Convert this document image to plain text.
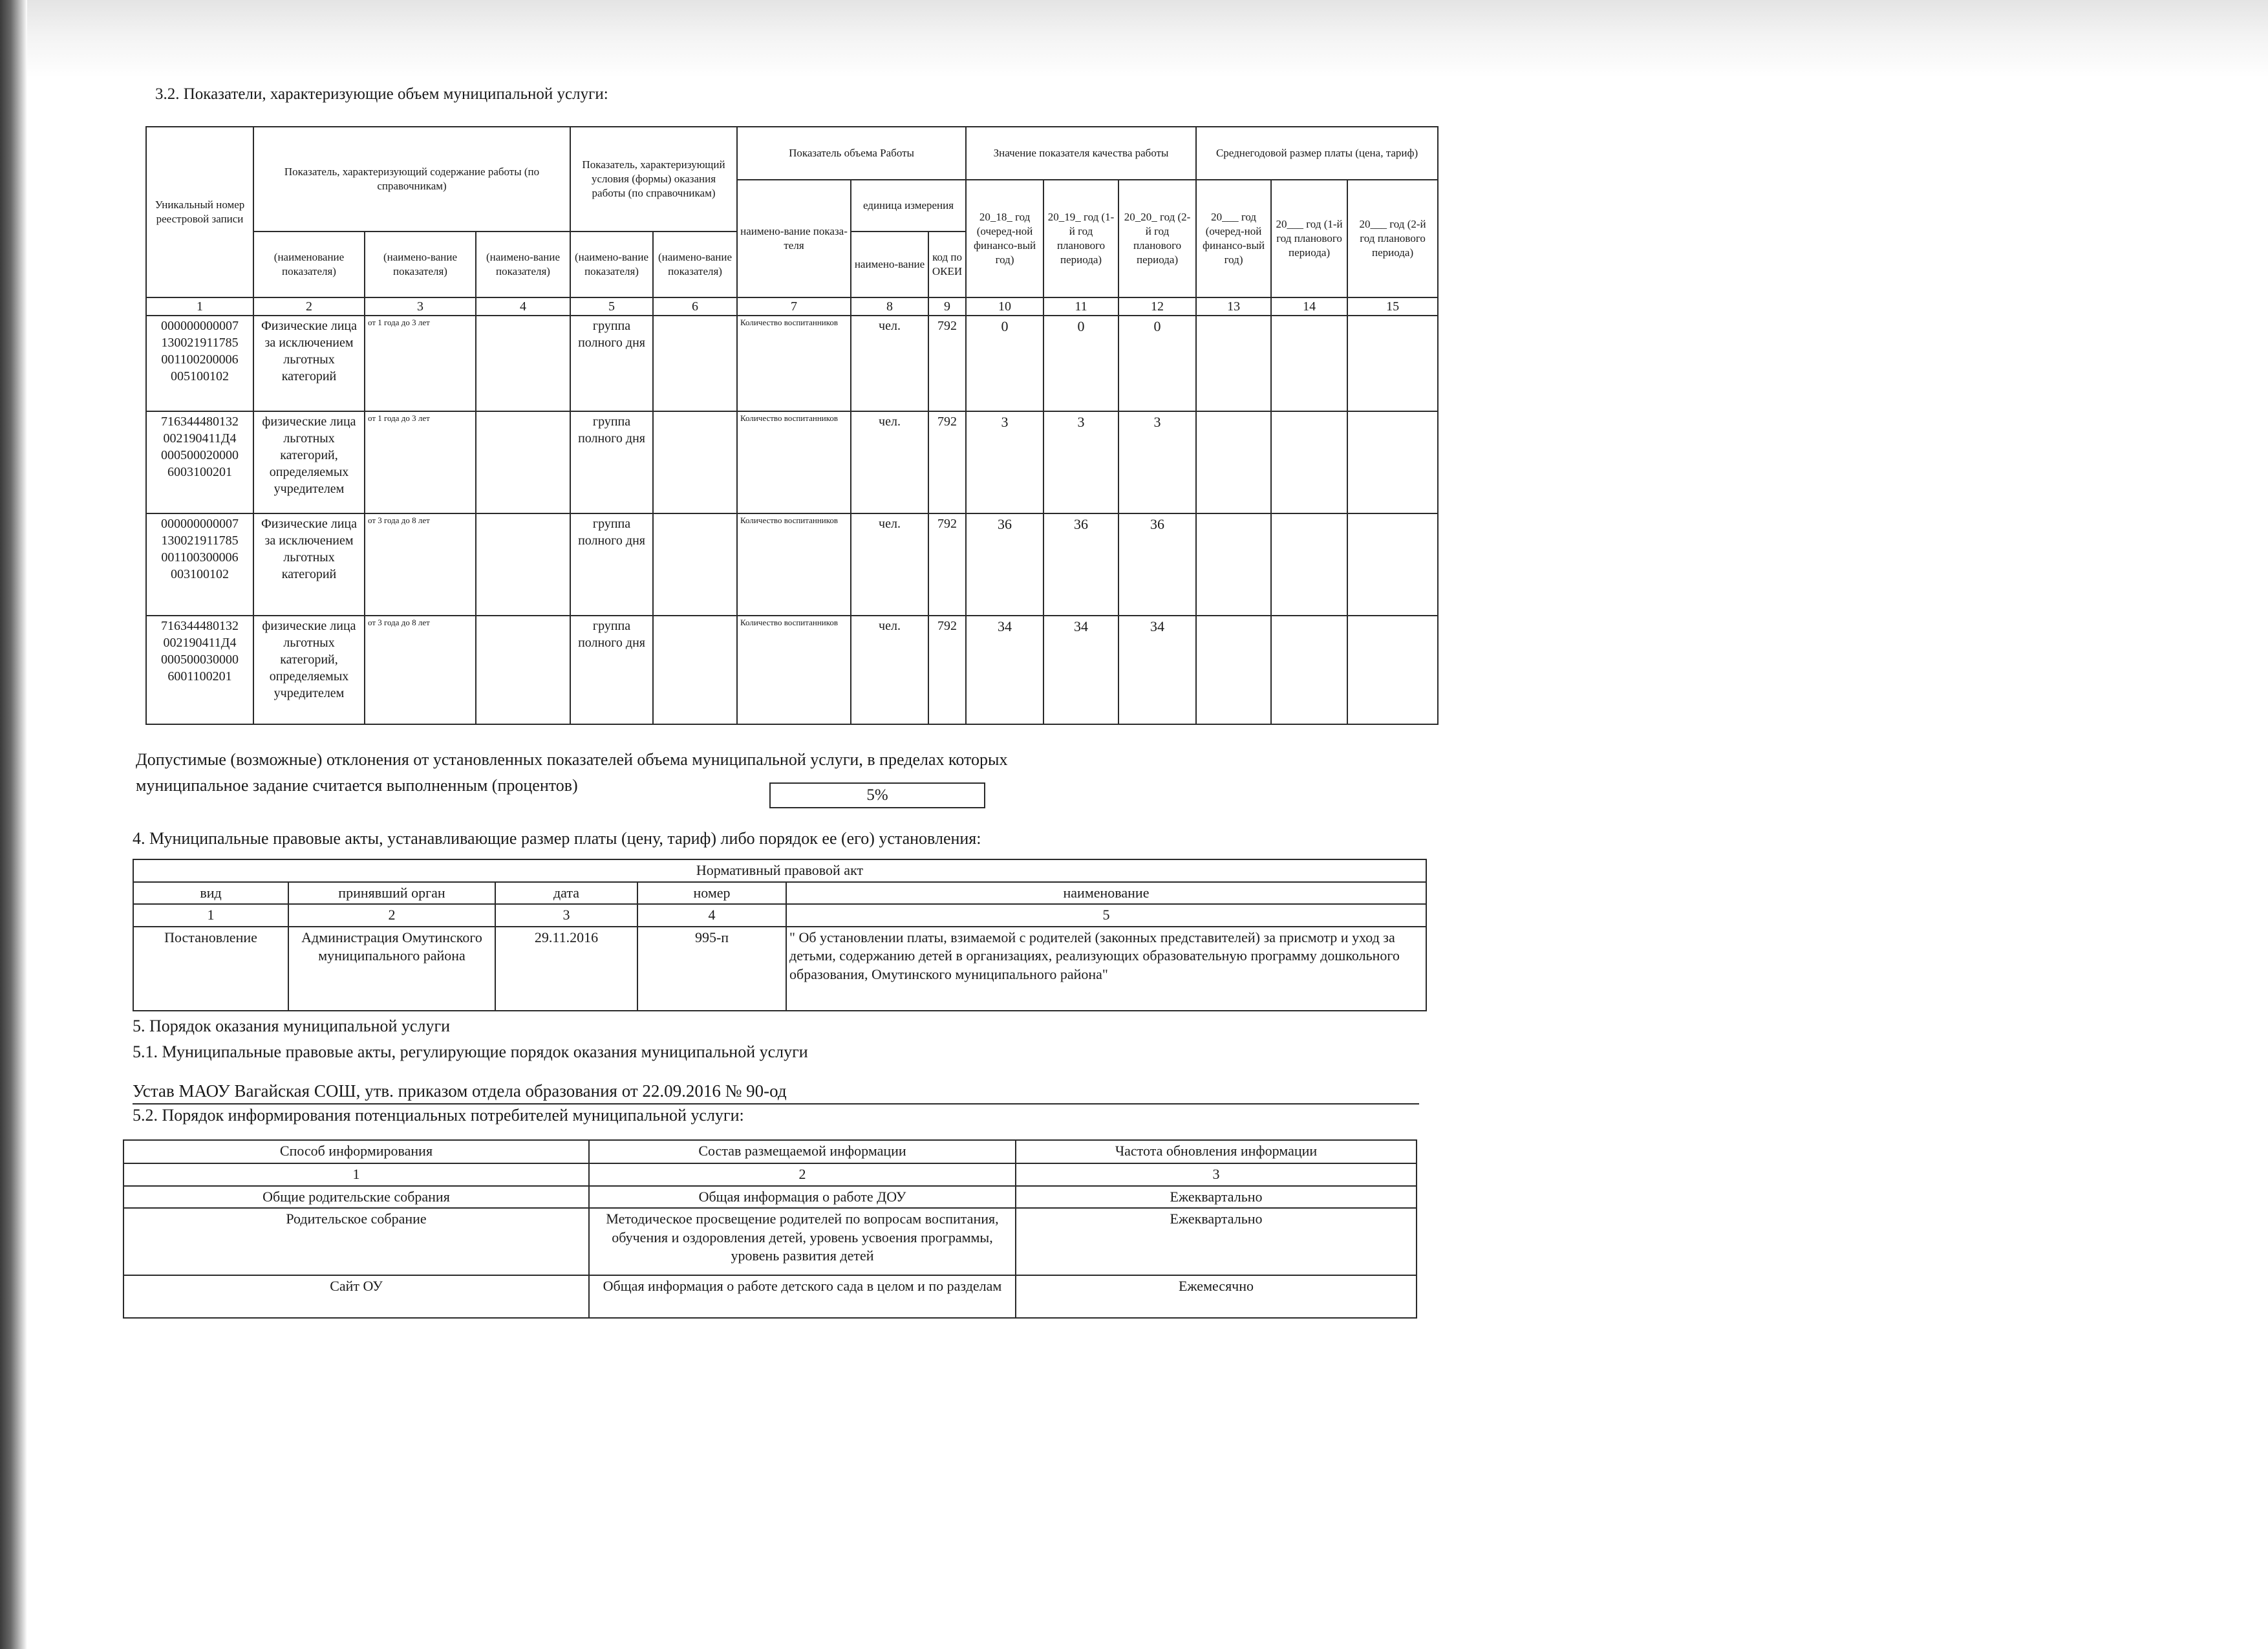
3.2. Показатели, характеризующие объем муниципальной услуги:
Уникальный номер реестровой записи	Показатель, характеризующий содержание работы (по справочникам)			Показатель, характеризующий условия (формы) оказания работы (по справочникам)		Показатель объема Работы			Значение показателя качества работы			Среднегодовой размер платы (цена, тариф)		
						наимено-вание показа-теля	единица измерения		20_18_ год (очеред-ной финансо-вый год)	20_19_ год (1-й год планового периода)	20_20_ год (2-й год планового периода)	20___ год (очеред-ной финансо-вый год)	20___ год (1-й год планового периода)	20___ год (2-й год планового периода)
	(наименование показателя)	(наимено-вание показателя)	(наимено-вание показателя)	(наимено-вание показателя)	(наимено-вание показателя)		наимено-вание	код по ОКЕИ						
1	2	3	4	5	6	7	8	9	10	11	12	13	14	15
000000000007 130021911785 001100200006 005100102	Физические лица за исключением льготных категорий	от 1 года до 3 лет		группа полного дня		Количество воспитанников	чел.	792	0	0	0			
716344480132 002190411Д4 000500020000 6003100201	физические лица льготных категорий, определяемых учредителем	от 1 года до 3 лет		группа полного дня		Количество воспитанников	чел.	792	3	3	3			
000000000007 130021911785 001100300006 003100102	Физические лица за исключением льготных категорий	от 3 года до 8 лет		группа полного дня		Количество воспитанников	чел.	792	36	36	36			
716344480132 002190411Д4 000500030000 6001100201	физические лица льготных категорий, определяемых учредителем	от 3 года до 8 лет		группа полного дня		Количество воспитанников	чел.	792	34	34	34			
Допустимые (возможные) отклонения от установленных показателей объема муниципальной услуги, в пределах которых
муниципальное задание считается выполненным (процентов)
5%
4. Муниципальные правовые акты, устанавливающие размер платы (цену, тариф) либо порядок ее (его) установления:
Нормативный правовой акт				
вид	принявший орган	дата	номер	наименование
1	2	3	4	5
Постановление	Администрация Омутинского муниципального района	29.11.2016	995-п	" Об установлении платы, взимаемой с родителей (законных представителей) за присмотр и уход за детьми, содержанию детей в организациях, реализующих образовательную программу дошкольного образования, Омутинского муниципального района"
5. Порядок оказания муниципальной услуги
5.1. Муниципальные правовые акты, регулирующие порядок оказания муниципальной услуги
Устав МАОУ Вагайская СОШ, утв. приказом отдела образования от 22.09.2016 № 90-од
5.2. Порядок информирования потенциальных потребителей муниципальной услуги:
Способ информирования	Состав размещаемой информации	Частота обновления информации
1	2	3
Общие родительские собрания	Общая информация о работе ДОУ	Ежеквартально
Родительское собрание	Методическое просвещение родителей по вопросам воспитания, обучения и оздоровления детей, уровень усвоения программы, уровень развития детей	Ежеквартально
Сайт ОУ	Общая информация о работе детского сада в целом и по разделам	Ежемесячно
